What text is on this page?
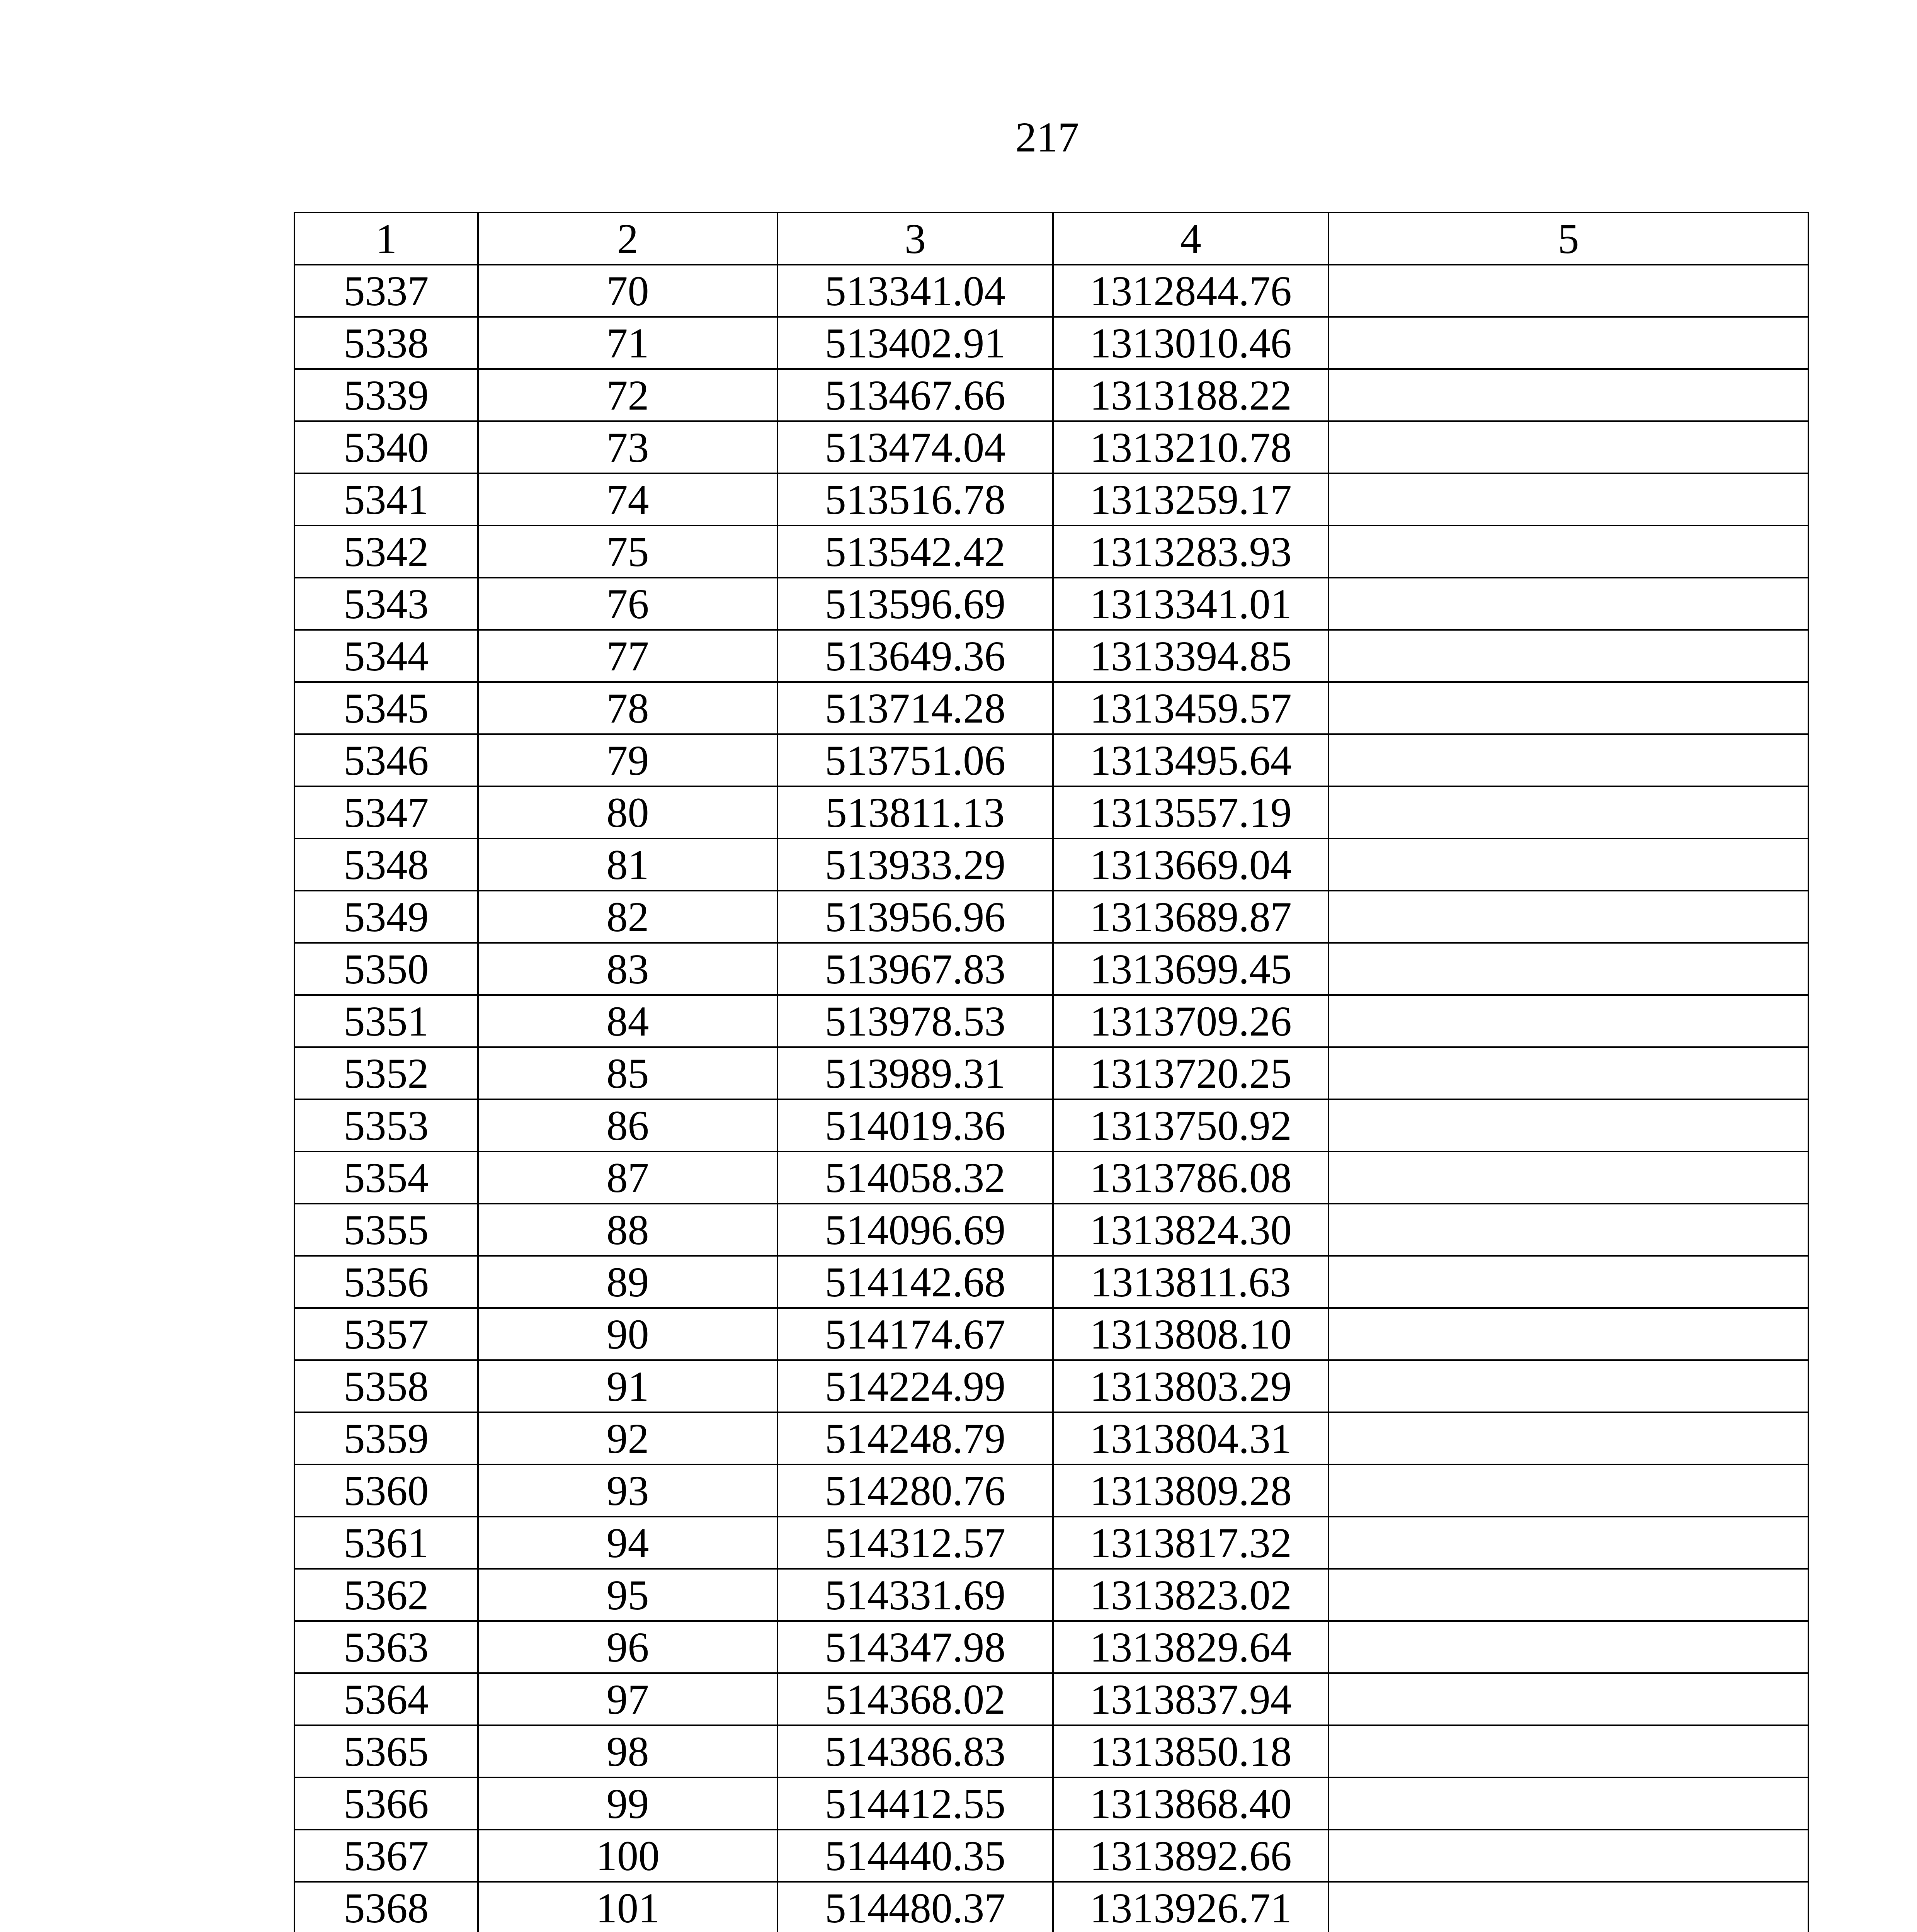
217
1	2	3	4	5
5337	70	513341.04	1312844.76	
5338	71	513402.91	1313010.46	
5339	72	513467.66	1313188.22	
5340	73	513474.04	1313210.78	
5341	74	513516.78	1313259.17	
5342	75	513542.42	1313283.93	
5343	76	513596.69	1313341.01	
5344	77	513649.36	1313394.85	
5345	78	513714.28	1313459.57	
5346	79	513751.06	1313495.64	
5347	80	513811.13	1313557.19	
5348	81	513933.29	1313669.04	
5349	82	513956.96	1313689.87	
5350	83	513967.83	1313699.45	
5351	84	513978.53	1313709.26	
5352	85	513989.31	1313720.25	
5353	86	514019.36	1313750.92	
5354	87	514058.32	1313786.08	
5355	88	514096.69	1313824.30	
5356	89	514142.68	1313811.63	
5357	90	514174.67	1313808.10	
5358	91	514224.99	1313803.29	
5359	92	514248.79	1313804.31	
5360	93	514280.76	1313809.28	
5361	94	514312.57	1313817.32	
5362	95	514331.69	1313823.02	
5363	96	514347.98	1313829.64	
5364	97	514368.02	1313837.94	
5365	98	514386.83	1313850.18	
5366	99	514412.55	1313868.40	
5367	100	514440.35	1313892.66	
5368	101	514480.37	1313926.71	
